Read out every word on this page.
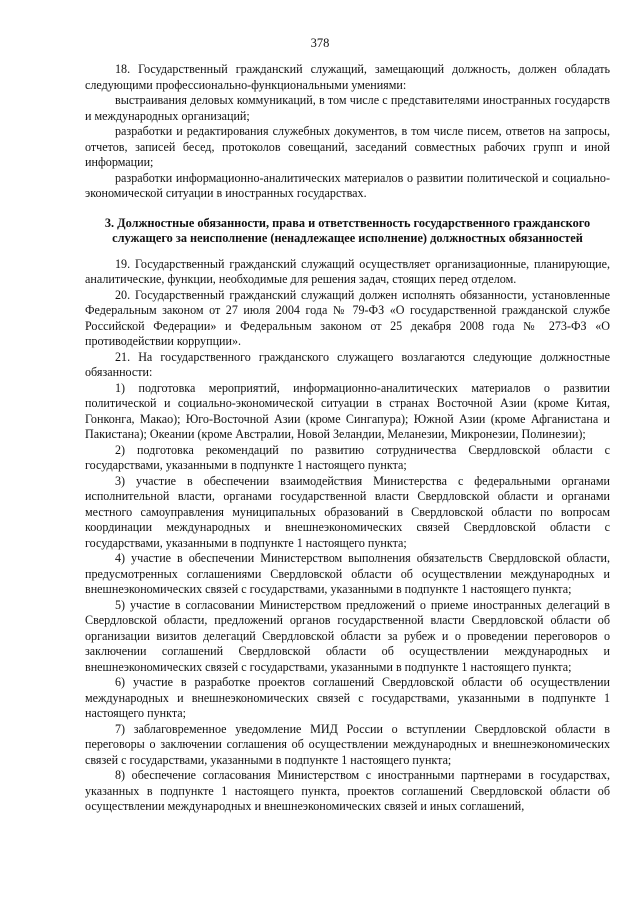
378

18. Государственный гражданский служащий, замещающий должность, должен обладать следующими профессионально-функциональными умениями:

выстраивания деловых коммуникаций, в том числе с представителями иностранных государств и международных организаций;

разработки и редактирования служебных документов, в том числе писем, ответов на запросы, отчетов, записей бесед, протоколов совещаний, заседаний совместных рабочих групп и иной информации;

разработки информационно-аналитических материалов о развитии политической и социально-экономической ситуации в иностранных государствах.

3. Должностные обязанности, права и ответственность государственного гражданского служащего за неисполнение (ненадлежащее исполнение) должностных обязанностей

19. Государственный гражданский служащий осуществляет организационные, планирующие, аналитические, функции, необходимые для решения задач, стоящих перед отделом.

20. Государственный гражданский служащий должен исполнять обязанности, установленные Федеральным законом от 27 июля 2004 года № 79-ФЗ «О государственной гражданской службе Российской Федерации» и Федеральным законом от 25 декабря 2008 года № 273-ФЗ «О противодействии коррупции».

21. На государственного гражданского служащего возлагаются следующие должностные обязанности:

1) подготовка мероприятий, информационно-аналитических материалов о развитии политической и социально-экономической ситуации в странах Восточной Азии (кроме Китая, Гонконга, Макао); Юго-Восточной Азии (кроме Сингапура); Южной Азии (кроме Афганистана и Пакистана); Океании (кроме Австралии, Новой Зеландии, Меланезии, Микронезии, Полинезии);

2) подготовка рекомендаций по развитию сотрудничества Свердловской области с государствами, указанными в подпункте 1 настоящего пункта;

3) участие в обеспечении взаимодействия Министерства с федеральными органами исполнительной власти, органами государственной власти Свердловской области и органами местного самоуправления муниципальных образований в Свердловской области по вопросам координации международных и внешнеэкономических связей Свердловской области с государствами, указанными в подпункте 1 настоящего пункта;

4) участие в обеспечении Министерством выполнения обязательств Свердловской области, предусмотренных соглашениями Свердловской области об осуществлении международных и внешнеэкономических связей с государствами, указанными в подпункте 1 настоящего пункта;

5) участие в согласовании Министерством предложений о приеме иностранных делегаций в Свердловской области, предложений органов государственной власти Свердловской области об организации визитов делегаций Свердловской области за рубеж и о проведении переговоров о заключении соглашений Свердловской области об осуществлении международных и внешнеэкономических связей с государствами, указанными в подпункте 1 настоящего пункта;

6) участие в разработке проектов соглашений Свердловской области об осуществлении международных и внешнеэкономических связей с государствами, указанными в подпункте 1 настоящего пункта;

7) заблаговременное уведомление МИД России о вступлении Свердловской области в переговоры о заключении соглашения об осуществлении международных и внешнеэкономических связей с государствами, указанными в подпункте 1 настоящего пункта;

8) обеспечение согласования Министерством с иностранными партнерами в государствах, указанных в подпункте 1 настоящего пункта, проектов соглашений Свердловской области об осуществлении международных и внешнеэкономических связей и иных соглашений,
